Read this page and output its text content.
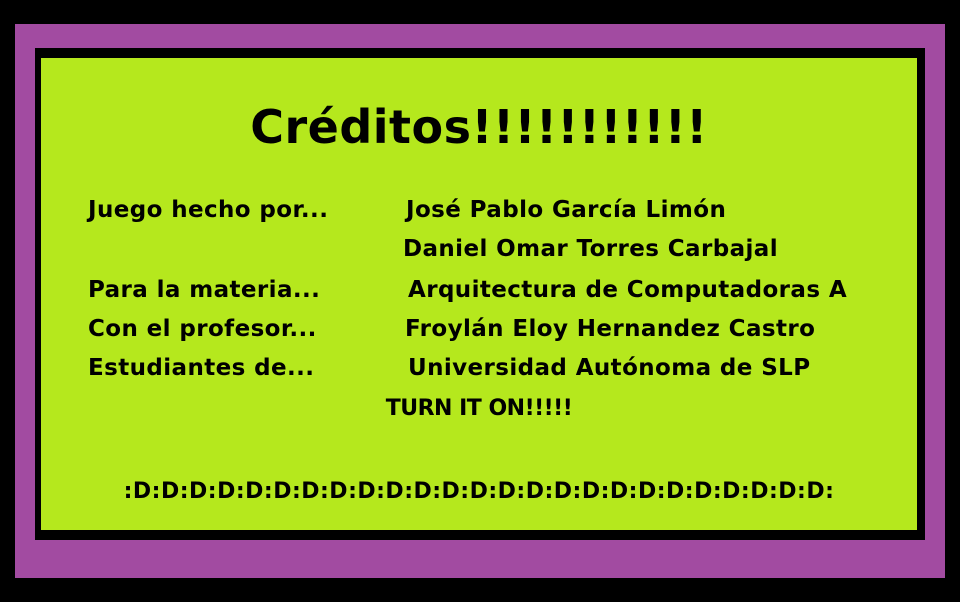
Créditos!!!!!!!!!!!

Juego hecho por...	José Pablo García Limón

Daniel Omar Torres Carbajal

Para la materia...	Arquitectura de Computadoras A

Con el profesor...	Froylán Eloy Hernandez Castro

Estudiantes de...	Universidad Autónoma de SLP

TURN IT ON!!!!!

:D:D:D:D:D:D:D:D:D:D:D:D:D:D:D:D:D:D:D:D:D:D:D:D:D:
